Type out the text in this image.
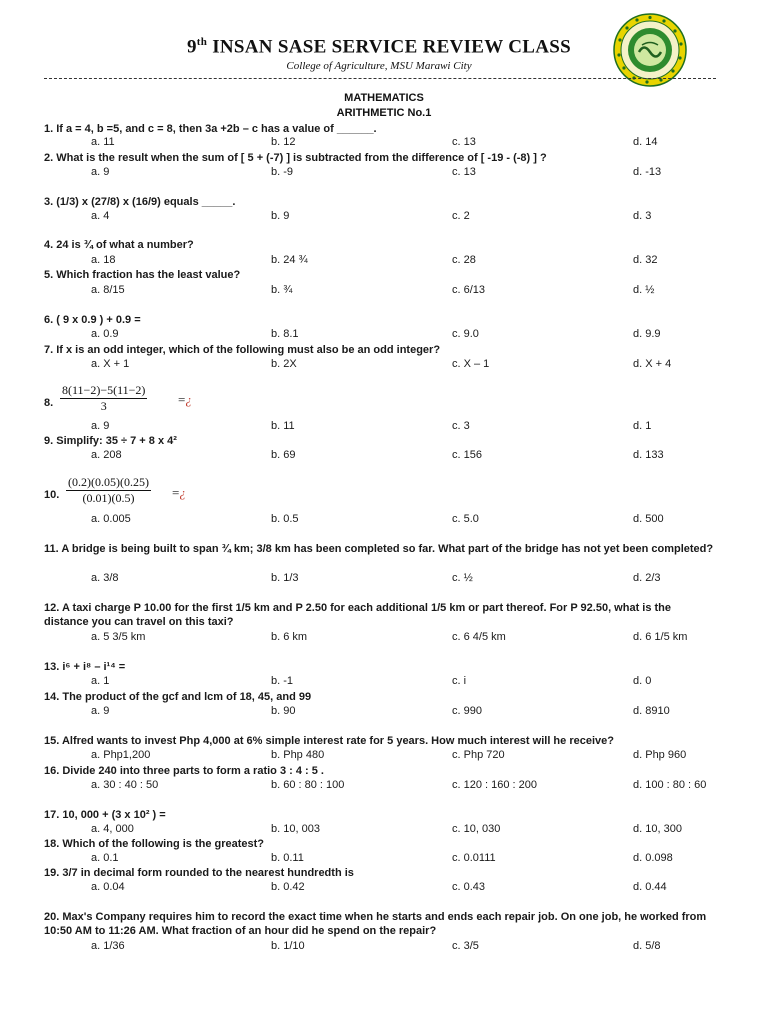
9th INSAN SASE SERVICE REVIEW CLASS
College of Agriculture, MSU Marawi City
MATHEMATICS
ARITHMETIC No.1
1. If a = 4, b =5, and c = 8, then 3a +2b – c has a value of ______.
a. 11	b. 12	c. 13	d. 14
2. What is the result when the sum of [ 5 + (-7) ] is subtracted from the difference of [ -19 - (-8) ] ?
a. 9	b. -9	c. 13	d. -13
3. (1/3) x (27/8) x (16/9) equals _____.
a. 4	b. 9	c. 2	d. 3
4. 24 is ¾ of what a number?
a. 18	b. 24 ¾	c. 28	d. 32
5. Which fraction has the least value?
a. 8/15	b. ¾	c. 6/13	d. ½
6. ( 9 x 0.9 ) + 0.9 =
a. 0.9	b. 8.1	c. 9.0	d. 9.9
7. If x is an odd integer, which of the following must also be an odd integer?
a. X + 1	b. 2X	c. X – 1	d. X + 4
8. $\frac{8(11-2)-5(11-2)}{3}$ =¿
a. 9	b. 11	c. 3	d. 1
9. Simplify: 35 ÷ 7 + 8 x 4²
a. 208	b. 69	c. 156	d. 133
10. $\frac{(0.2)(0.05)(0.25)}{(0.01)(0.5)}$ =¿
a. 0.005	b. 0.5	c. 5.0	d. 500
11. A bridge is being built to span ¾ km; 3/8 km has been completed so far. What part of the bridge has not yet been completed?
a. 3/8	b. 1/3	c. ½	d. 2/3
12. A taxi charge P 10.00 for the first 1/5 km and P 2.50 for each additional 1/5 km or part thereof. For P 92.50, what is the distance you can travel on this taxi?
a. 5 3/5 km	b. 6 km	c. 6 4/5 km	d. 6 1/5 km
13. i⁶ + i⁸ – i¹⁴ =
a. 1	b. -1	c. i	d. 0
14. The product of the gcf and lcm of 18, 45, and 99
a. 9	b. 90	c. 990	d. 8910
15. Alfred wants to invest Php 4,000 at 6% simple interest rate for 5 years. How much interest will he receive?
a. Php1,200	b. Php 480	c. Php 720	d. Php 960
16. Divide 240 into three parts to form a ratio 3 : 4 : 5 .
a. 30 : 40 : 50	b. 60 : 80 : 100	c. 120 : 160 : 200	d. 100 : 80 : 60
17. 10, 000 + (3 x 10² ) =
a. 4, 000	b. 10, 003	c. 10, 030	d. 10, 300
18. Which of the following is the greatest?
a. 0.1	b. 0.11	c. 0.0111	d. 0.098
19. 3/7 in decimal form rounded to the nearest hundredth is
a. 0.04	b. 0.42	c. 0.43	d. 0.44
20. Max's Company requires him to record the exact time when he starts and ends each repair job. On one job, he worked from 10:50 AM to 11:26 AM. What fraction of an hour did he spend on the repair?
a. 1/36	b. 1/10	c. 3/5	d. 5/8
